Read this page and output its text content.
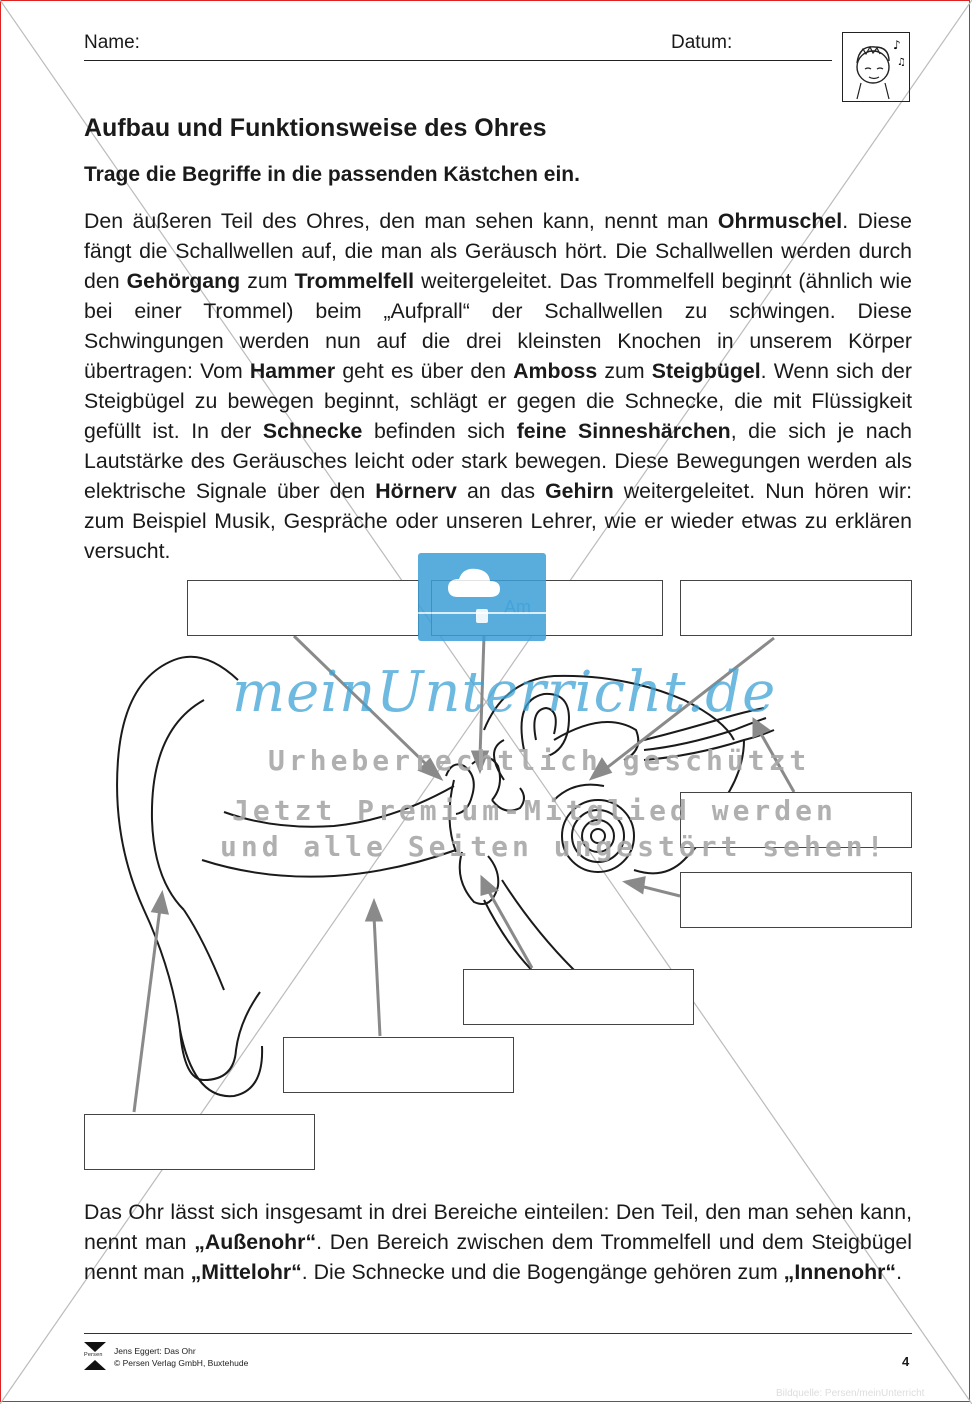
Name:	Datum:	♪
♫
Aufbau und Funktionsweise des Ohres
Trage die Begriffe in die passenden Kästchen ein.
Den äußeren Teil des Ohres, den man sehen kann, nennt man Ohrmuschel. Diese fängt die Schallwellen auf, die man als Geräusch hört. Die Schallwellen werden durch den Gehörgang zum Trommelfell weitergeleitet. Das Trommelfell beginnt (ähnlich wie bei einer Trommel) beim „Aufprall“ der Schallwellen zu schwingen. Diese Schwingungen werden nun auf die drei kleinsten Knochen in unserem Körper übertragen: Vom Hammer geht es über den Amboss zum Steigbügel. Wenn sich der Steigbügel zu bewegen beginnt, schlägt er gegen die Schnecke, die mit Flüssigkeit gefüllt ist. In der Schnecke befinden sich feine Sinneshärchen, die sich je nach Lautstärke des Geräusches leicht oder stark bewegen. Diese Bewegungen werden als elektrische Signale über den Hörnerv an das Gehirn weitergeleitet. Nun hören wir: zum Beispiel Musik, Gespräche oder unseren Lehrer, wie er wieder etwas zu erklären versucht.
meinUnterricht.de
Urheberrechtlich geschützt
Jetzt Premium-Mitglied werden
und alle Seiten ungestört sehen!
Das Ohr lässt sich insgesamt in drei Bereiche einteilen: Den Teil, den man sehen kann, nennt man „Außenohr“. Den Bereich zwischen dem Trommelfell und dem Steigbügel nennt man „Mittelohr“. Die Schnecke und die Bogengänge gehören zum „Innenohr“.
Persen Jens Eggert: Das Ohr
© Persen Verlag GmbH, Buxtehude	4
Bildquelle: Persen/meinUnterricht
